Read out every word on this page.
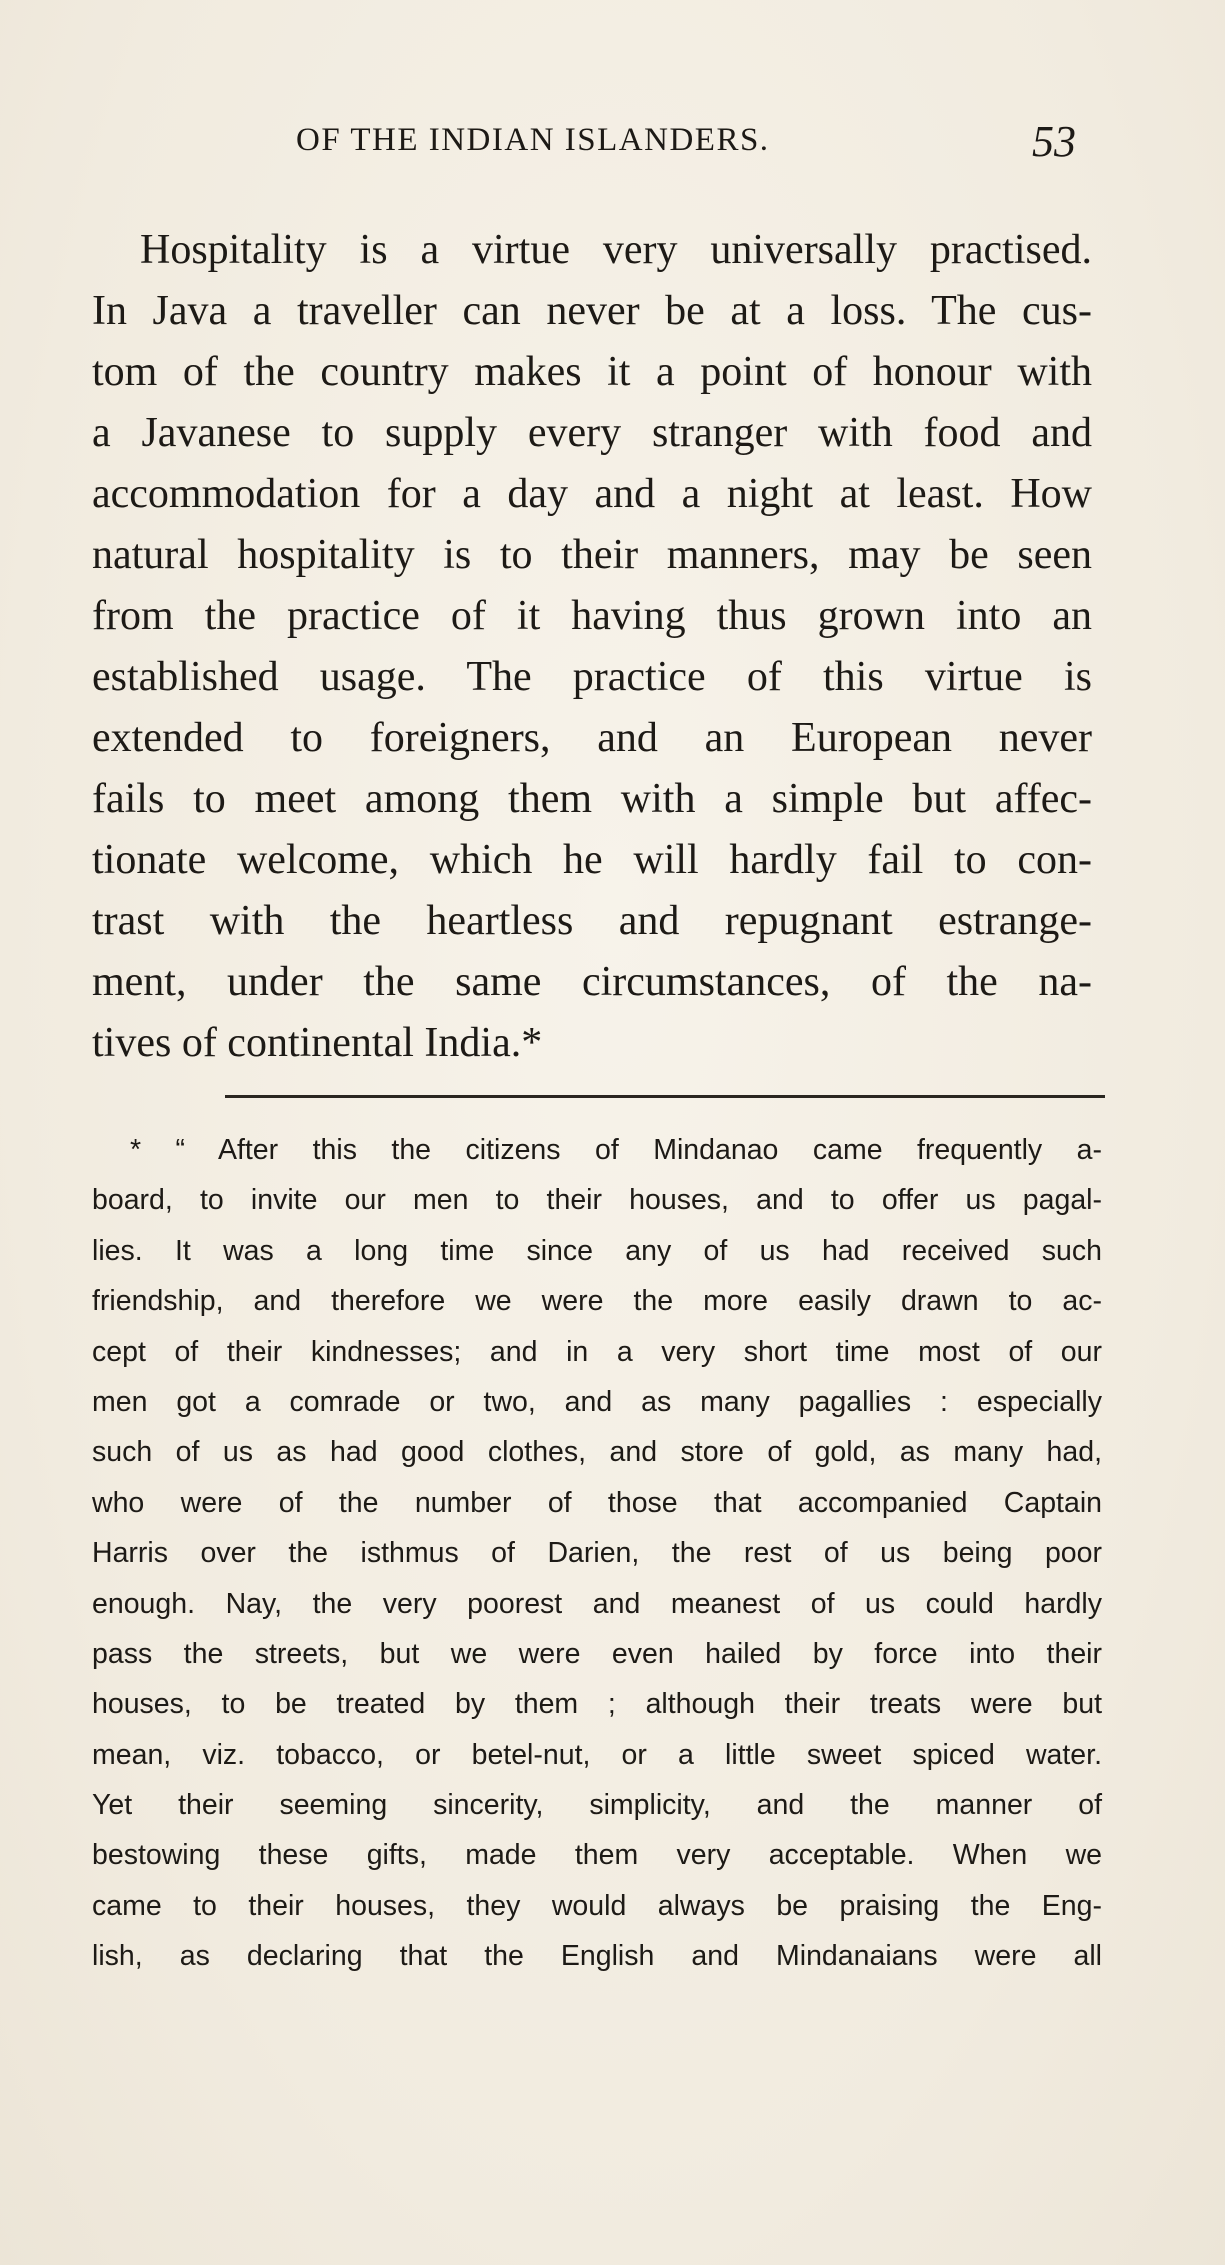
OF THE INDIAN ISLANDERS.	53
Hospitality is a virtue very universally practised.
In Java a traveller can never be at a loss. The cus-
tom of the country makes it a point of honour with
a Javanese to supply every stranger with food and
accommodation for a day and a night at least. How
natural hospitality is to their manners, may be seen
from the practice of it having thus grown into an
established usage. The practice of this virtue is
extended to foreigners, and an European never
fails to meet among them with a simple but affec-
tionate welcome, which he will hardly fail to con-
trast with the heartless and repugnant estrange-
ment, under the same circumstances, of the na-
tives of continental India.*
* “ After this the citizens of Mindanao came frequently a-
board, to invite our men to their houses, and to offer us pagal-
lies. It was a long time since any of us had received such
friendship, and therefore we were the more easily drawn to ac-
cept of their kindnesses; and in a very short time most of our
men got a comrade or two, and as many pagallies : especially
such of us as had good clothes, and store of gold, as many had,
who were of the number of those that accompanied Captain
Harris over the isthmus of Darien, the rest of us being poor
enough. Nay, the very poorest and meanest of us could hardly
pass the streets, but we were even hailed by force into their
houses, to be treated by them ; although their treats were but
mean, viz. tobacco, or betel-nut, or a little sweet spiced water.
Yet their seeming sincerity, simplicity, and the manner of
bestowing these gifts, made them very acceptable. When we
came to their houses, they would always be praising the Eng-
lish, as declaring that the English and Mindanaians were all
